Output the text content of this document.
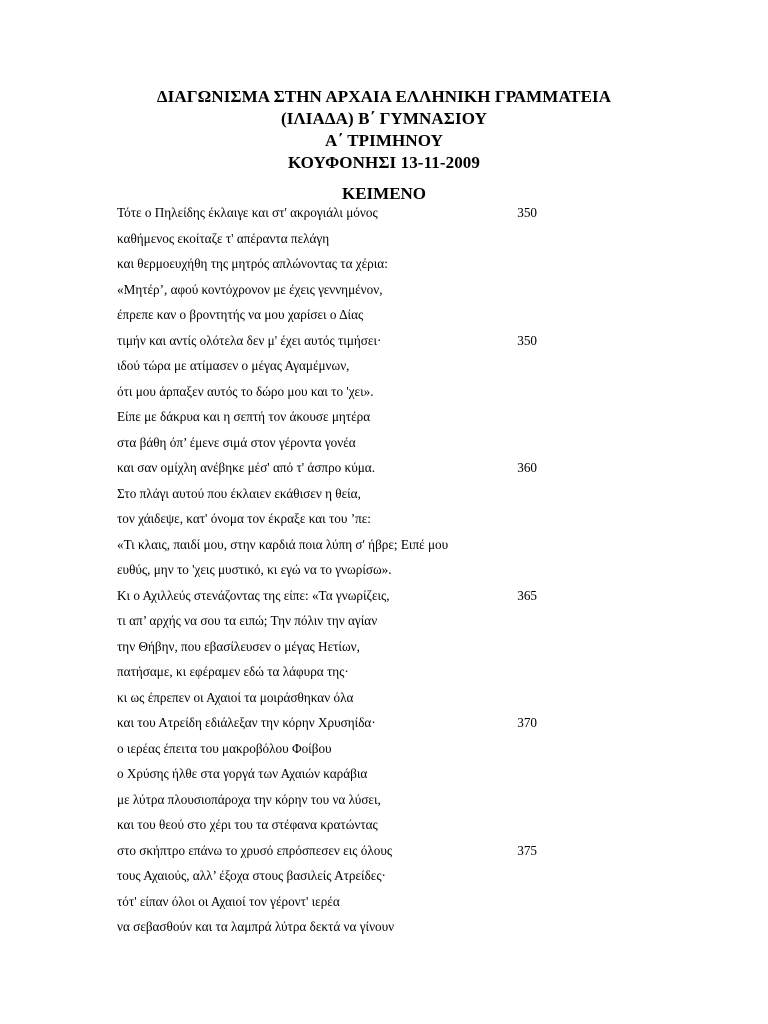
ΔΙΑΓΩΝΙΣΜΑ ΣΤΗΝ ΑΡΧΑΙΑ ΕΛΛΗΝΙΚΗ ΓΡΑΜΜΑΤΕΙΑ
(ΙΛΙΑΔΑ) Β΄ ΓΥΜΝΑΣΙΟΥ
Α΄ ΤΡΙΜΗΝΟΥ
ΚΟΥΦΟΝΗΣΙ 13-11-2009
ΚΕΙΜΕΝΟ
Τότε ο Πηλείδης έκλαιγε και στ' ακρογιάλι μόνος	350
καθήμενος εκοίταζε τ' απέραντα πελάγη
και θερμοευχήθη της μητρός απλώνοντας τα χέρια:
«Μητέρ’, αφού κοντόχρονον με έχεις γεννημένον,
έπρεπε καν ο βροντητής να μου χαρίσει ο Δίας
τιμήν και αντίς ολότελα δεν μ' έχει αυτός τιμήσει·	350
ιδού τώρα με ατίμασεν ο μέγας Αγαμέμνων,
ότι μου άρπαξεν αυτός το δώρο μου και το 'χει».
Είπε με δάκρυα και η σεπτή τον άκουσε μητέρα
στα βάθη όπ’ έμενε σιμά στον γέροντα γονέα
και σαν ομίχλη ανέβηκε μέσ' από τ' άσπρο κύμα.	360
Στο πλάγι αυτού που έκλαιεν εκάθισεν η θεία,
τον χάιδεψε, κατ' όνομα τον έκραξε και του ’πε:
«Τι κλαις, παιδί μου, στην καρδιά ποια λύπη σ' ήβρε; Ειπέ μου
ευθύς, μην το 'χεις μυστικό, κι εγώ να το γνωρίσω».
Κι ο Αχιλλεύς στενάζοντας της είπε: «Τα γνωρίζεις,	365
τι απ’ αρχής να σου τα ειπώ; Την πόλιν την αγίαν
την Θήβην, που εβασίλευσεν ο μέγας Ηετίων,
πατήσαμε, κι εφέραμεν εδώ τα λάφυρα της·
κι ως έπρεπεν οι Αχαιοί τα μοιράσθηκαν όλα
και του Ατρείδη εδιάλεξαν την κόρην Χρυσηίδα·	370
ο ιερέας έπειτα του μακροβόλου Φοίβου
ο Χρύσης ήλθε στα γοργά των Αχαιών καράβια
με λύτρα πλουσιοπάροχα την κόρην του να λύσει,
και του θεού στο χέρι του τα στέφανα κρατώντας
στο σκήπτρο επάνω το χρυσό επρόσπεσεν εις όλους	375
τους Αχαιούς, αλλ’ έξοχα στους βασιλείς Ατρείδες·
τότ' είπαν όλοι οι Αχαιοί τον γέροντ' ιερέα
να σεβασθούν και τα λαμπρά λύτρα δεκτά να γίνουν
